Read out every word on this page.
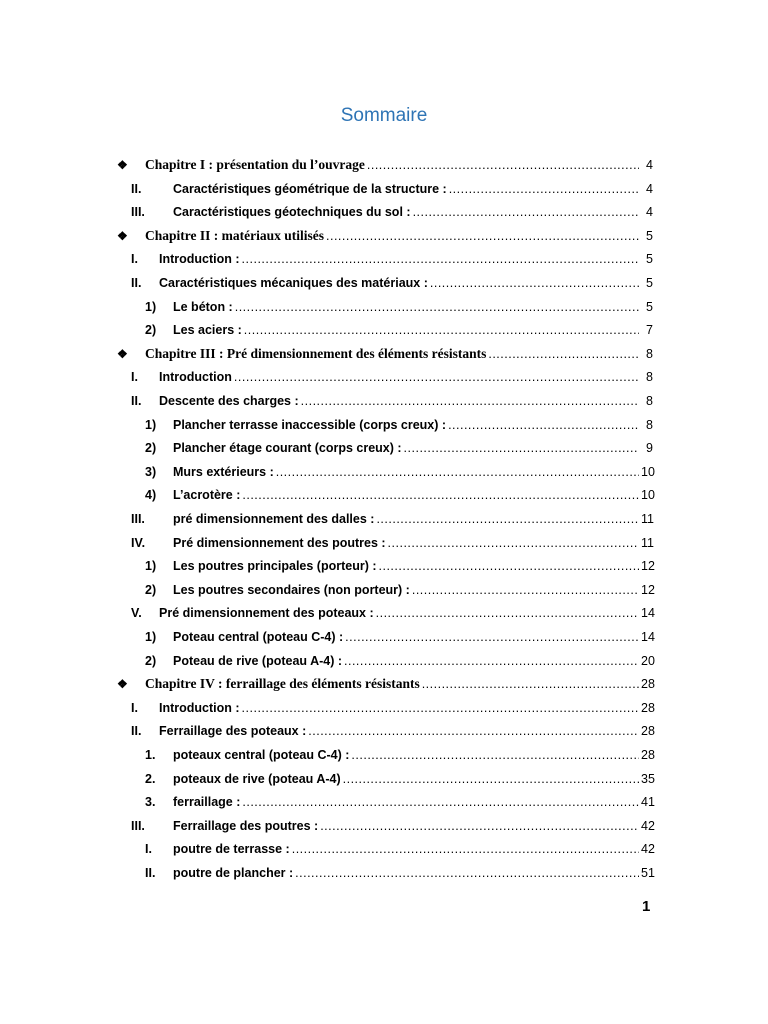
Sommaire
❖ Chapitre I : présentation du l’ouvrage .....	4
II.	Caractéristiques géométrique de la structure : .....	4
III. Caractéristiques géotechniques du sol : .....	4
❖ Chapitre II : matériaux utilisés .....	5
I. Introduction : .....	5
II. Caractéristiques mécaniques des matériaux : .....	5
1) Le béton : .....	5
2) Les aciers : .....	7
❖ Chapitre III : Pré dimensionnement des éléments résistants .....	8
I. Introduction .....	8
II. Descente des charges : .....	8
1) Plancher terrasse inaccessible (corps creux) : .....	8
2) Plancher étage courant (corps creux) : .....	9
3) Murs extérieurs : .....	10
4) L’acrotère : .....	10
III. pré dimensionnement des dalles : .....	11
IV. Pré dimensionnement des poutres : .....	11
1) Les poutres principales (porteur) : .....	12
2) Les poutres secondaires (non porteur) : .....	12
V. Pré dimensionnement des poteaux : .....	14
1) Poteau central (poteau C-4) : .....	14
2) Poteau de rive (poteau A-4) : .....	20
❖ Chapitre IV : ferraillage des éléments résistants .....	28
I. Introduction : .....	28
II. Ferraillage des poteaux : .....	28
1. poteaux central (poteau C-4) : .....	28
2. poteaux de rive (poteau A-4) .....	35
3. ferraillage : .....	41
III. Ferraillage des poutres : .....	42
I. poutre de terrasse : .....	42
II. poutre de plancher : .....	51
1
